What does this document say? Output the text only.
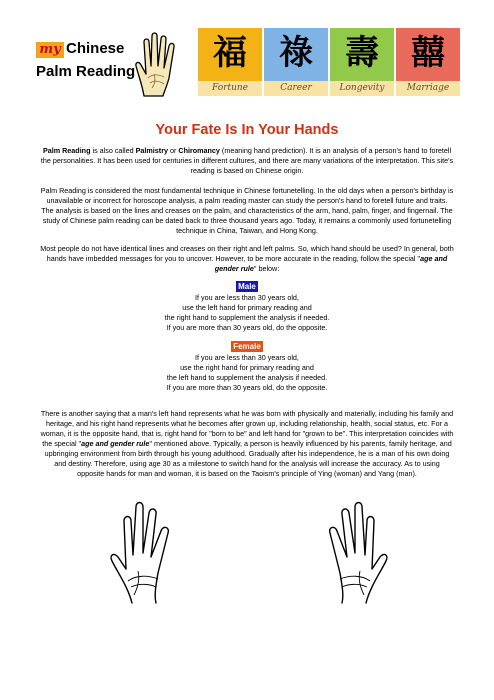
my Chinese
Palm Reading	福
Fortune
祿
Career
壽
Longevity
囍
Marriage
Your Fate Is In Your Hands

Palm Reading is also called Palmistry or Chiromancy (meaning hand prediction). It is an analysis of a person's hand to foretell the personalities. It has been used for centuries in different cultures, and there are many variations of the interpretation. This site's reading is based on Chinese origin.

Palm Reading is considered the most fundamental technique in Chinese fortunetelling. In the old days when a person's birthday is unavailable or incorrect for horoscope analysis, a palm reading master can study the person's hand to foretell future and traits. The analysis is based on the lines and creases on the palm, and characteristics of the arm, hand, palm, finger, and fingernail. The study of Chinese palm reading can be dated back to three thousand years ago. Today, it remains a commonly used fortunetelling technique in China, Taiwan, and Hong Kong.

Most people do not have identical lines and creases on their right and left palms. So, which hand should be used? In general, both hands have imbedded messages for you to uncover. However, to be more accurate in the reading, follow the special "age and gender rule" below:

Male
If you are less than 30 years old,
use the left hand for primary reading and
the right hand to supplement the analysis if needed.
If you are more than 30 years old, do the opposite.
Female
If you are less than 30 years old,
use the right hand for primary reading and
the left hand to supplement the analysis if needed.
If you are more than 30 years old, do the opposite.

There is another saying that a man's left hand represents what he was born with physically and materially, including his family and heritage, and his right hand represents what he becomes after grown up, including relationship, health, social status, etc. For a woman, it is the opposite hand, that is, right hand for "born to be" and left hand for "grown to be". This interpretation coincides with the special "age and gender rule" mentioned above. Typically, a person is heavily influenced by his parents, family heritage, and upbringing environment from birth through his young adulthood. Gradually after his independence, he is a man of his own doing and destiny. Therefore, using age 30 as a milestone to switch hand for the analysis will increase the accuracy. As to using opposite hands for man and woman, it is based on the Taoism's principle of Ying (woman) and Yang (man).
